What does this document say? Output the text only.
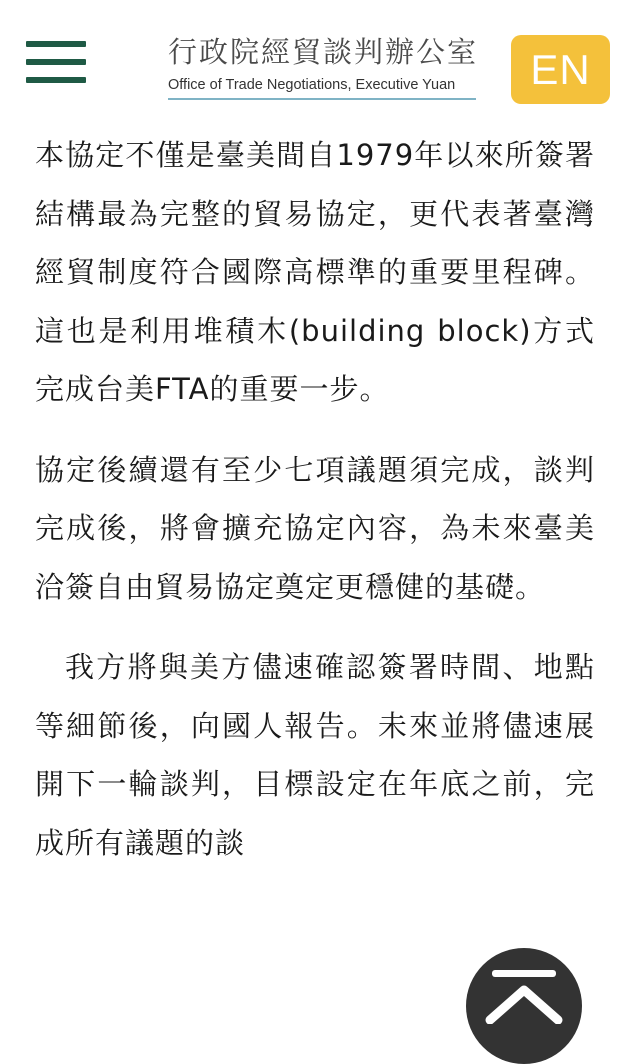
行政院經貿談判辦公室
Office of Trade Negotiations, Executive Yuan	EN

本協定不僅是臺美間自1979年以來所簽署結構最為完整的貿易協定，更代表著臺灣經貿制度符合國際高標準的重要里程碑。這也是利用堆積木(building block)方式完成台美FTA的重要一步。

協定後續還有至少七項議題須完成，談判完成後，將會擴充協定內容，為未來臺美洽簽自由貿易協定奠定更穩健的基礎。

我方將與美方儘速確認簽署時間、地點等細節後，向國人報告。未來並將儘速展開下一輪談判，目標設定在年底之前，完成所有議題的談
